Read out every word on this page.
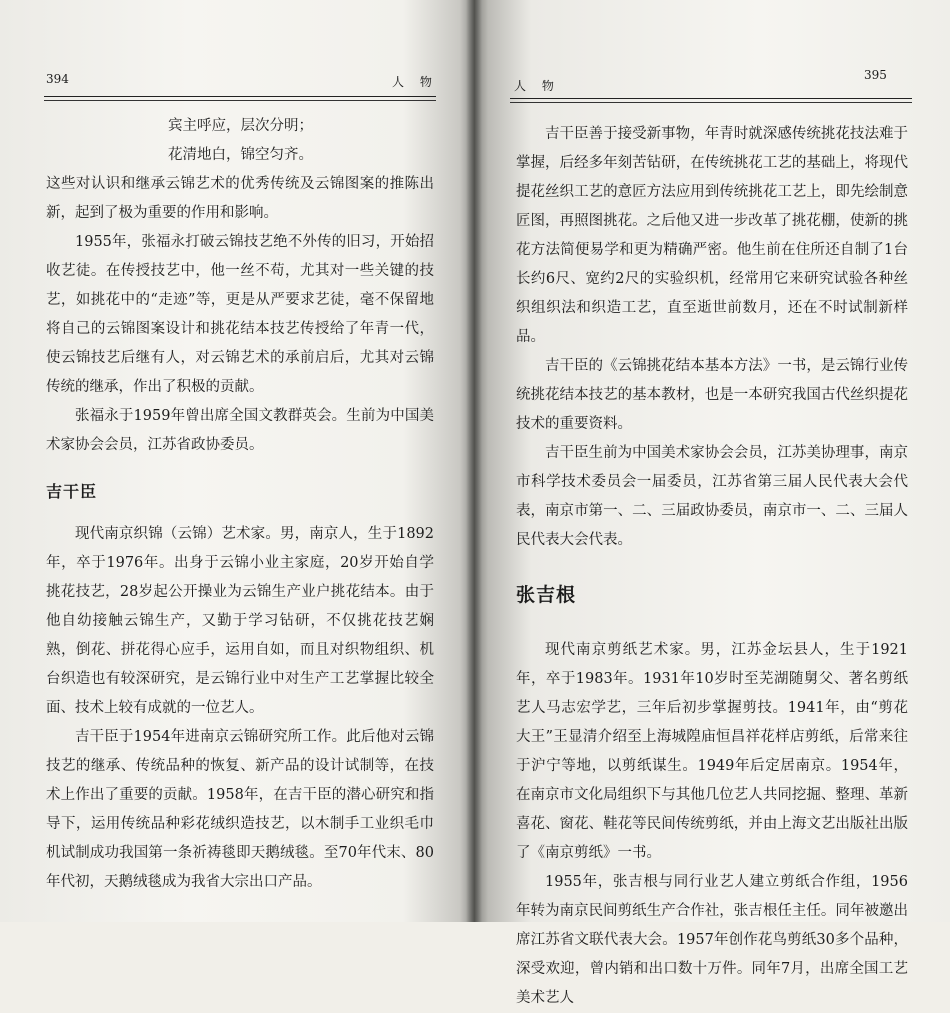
394	人 物

宾主呼应，层次分明；

花清地白，锦空匀齐。

这些对认识和继承云锦艺术的优秀传统及云锦图案的推陈出新，起到了极为重要的作用和影响。

1955年，张福永打破云锦技艺绝不外传的旧习，开始招收艺徒。在传授技艺中，他一丝不苟，尤其对一些关键的技艺，如挑花中的“走迹”等，更是从严要求艺徒，毫不保留地将自己的云锦图案设计和挑花结本技艺传授给了年青一代，使云锦技艺后继有人，对云锦艺术的承前启后，尤其对云锦传统的继承，作出了积极的贡献。

张福永于1959年曾出席全国文教群英会。生前为中国美术家协会会员，江苏省政协委员。

吉干臣

现代南京织锦（云锦）艺术家。男，南京人，生于1892年，卒于1976年。出身于云锦小业主家庭，20岁开始自学挑花技艺，28岁起公开操业为云锦生产业户挑花结本。由于他自幼接触云锦生产，又勤于学习钻研，不仅挑花技艺娴熟，倒花、拼花得心应手，运用自如，而且对织物组织、机台织造也有较深研究，是云锦行业中对生产工艺掌握比较全面、技术上较有成就的一位艺人。

吉干臣于1954年进南京云锦研究所工作。此后他对云锦技艺的继承、传统品种的恢复、新产品的设计试制等，在技术上作出了重要的贡献。1958年，在吉干臣的潜心研究和指导下，运用传统品种彩花绒织造技艺，以木制手工业织毛巾机试制成功我国第一条祈祷毯即天鹅绒毯。至70年代末、80年代初，天鹅绒毯成为我省大宗出口产品。

人 物
395

吉干臣善于接受新事物，年青时就深感传统挑花技法难于掌握，后经多年刻苦钻研，在传统挑花工艺的基础上，将现代提花丝织工艺的意匠方法应用到传统挑花工艺上，即先绘制意匠图，再照图挑花。之后他又进一步改革了挑花棚，使新的挑花方法简便易学和更为精确严密。他生前在住所还自制了1台长约6尺、宽约2尺的实验织机，经常用它来研究试验各种丝织组织法和织造工艺，直至逝世前数月，还在不时试制新样品。

吉干臣的《云锦挑花结本基本方法》一书，是云锦行业传统挑花结本技艺的基本教材，也是一本研究我国古代丝织提花技术的重要资料。

吉干臣生前为中国美术家协会会员，江苏美协理事，南京市科学技术委员会一届委员，江苏省第三届人民代表大会代表，南京市第一、二、三届政协委员，南京市一、二、三届人民代表大会代表。

张吉根

现代南京剪纸艺术家。男，江苏金坛县人，生于1921年，卒于1983年。1931年10岁时至芜湖随舅父、著名剪纸艺人马志宏学艺，三年后初步掌握剪技。1941年，由“剪花大王”王显清介绍至上海城隍庙恒昌祥花样店剪纸，后常来往于沪宁等地，以剪纸谋生。1949年后定居南京。1954年，在南京市文化局组织下与其他几位艺人共同挖掘、整理、革新喜花、窗花、鞋花等民间传统剪纸，并由上海文艺出版社出版了《南京剪纸》一书。

1955年，张吉根与同行业艺人建立剪纸合作组，1956年转为南京民间剪纸生产合作社，张吉根任主任。同年被邀出席江苏省文联代表大会。1957年创作花鸟剪纸30多个品种，深受欢迎，曾内销和出口数十万件。同年7月，出席全国工艺美术艺人
